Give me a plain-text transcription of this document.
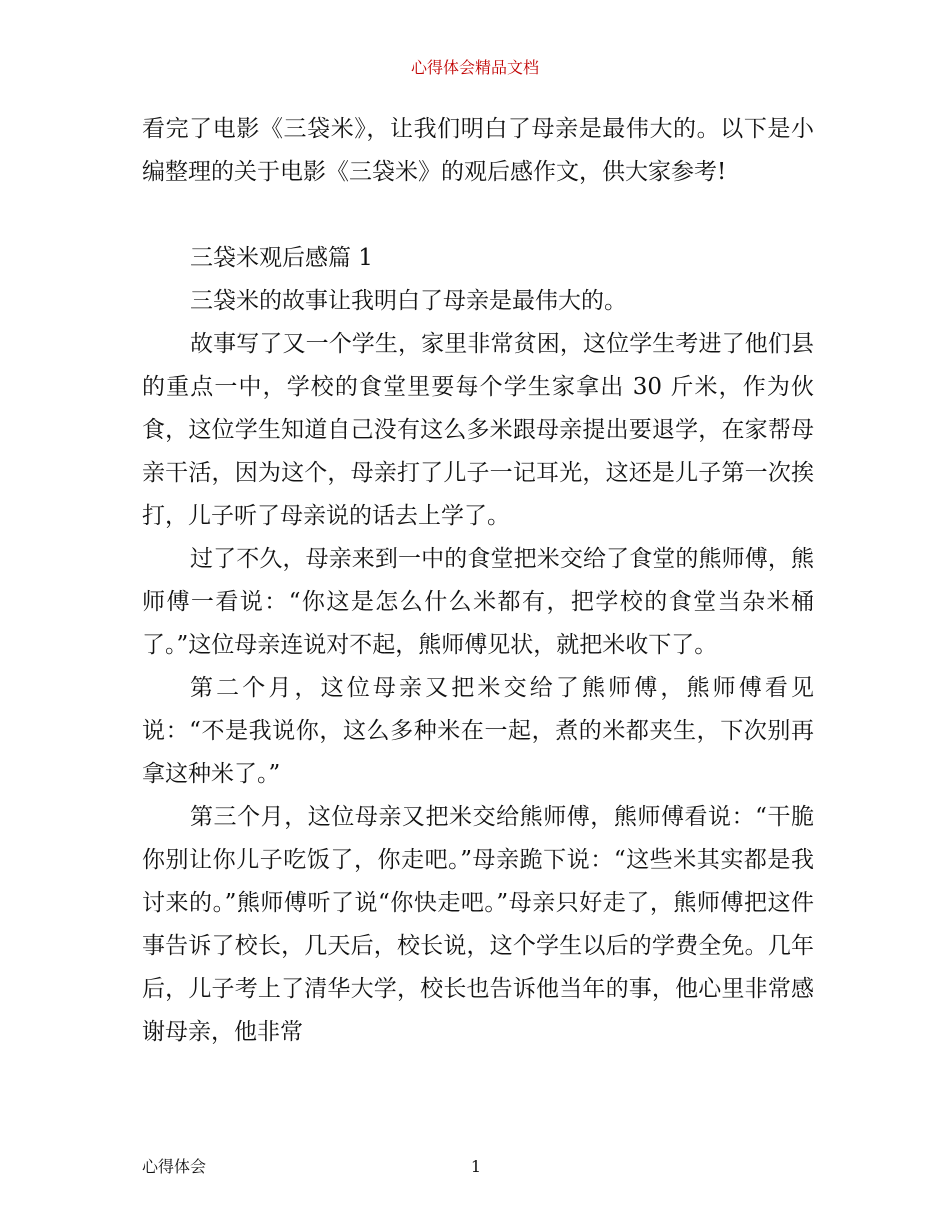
心得体会精品文档

看完了电影《三袋米》，让我们明白了母亲是最伟大的。以下是小编整理的关于电影《三袋米》的观后感作文，供大家参考!

三袋米观后感篇 1

三袋米的故事让我明白了母亲是最伟大的。

故事写了又一个学生，家里非常贫困，这位学生考进了他们县的重点一中，学校的食堂里要每个学生家拿出 30 斤米，作为伙食，这位学生知道自己没有这么多米跟母亲提出要退学，在家帮母亲干活，因为这个，母亲打了儿子一记耳光，这还是儿子第一次挨打，儿子听了母亲说的话去上学了。

过了不久，母亲来到一中的食堂把米交给了食堂的熊师傅，熊师傅一看说：“你这是怎么什么米都有，把学校的食堂当杂米桶了。”这位母亲连说对不起，熊师傅见状，就把米收下了。

第二个月，这位母亲又把米交给了熊师傅，熊师傅看见说：“不是我说你，这么多种米在一起，煮的米都夹生，下次别再拿这种米了。”

第三个月，这位母亲又把米交给熊师傅，熊师傅看说：“干脆你别让你儿子吃饭了，你走吧。”母亲跪下说：“这些米其实都是我讨来的。”熊师傅听了说“你快走吧。”母亲只好走了，熊师傅把这件事告诉了校长，几天后，校长说，这个学生以后的学费全免。几年后，儿子考上了清华大学，校长也告诉他当年的事，他心里非常感谢母亲，他非常

心得体会	1
